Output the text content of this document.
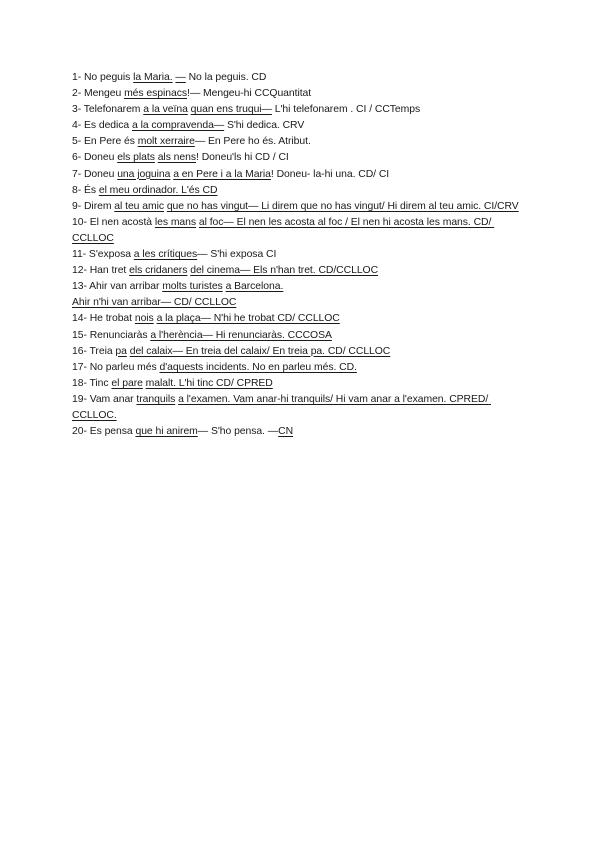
1- No peguis la Maria. — No la peguis. CD
2- Mengeu més espinacs!— Mengeu-hi CCQuantitat
3- Telefonarem a la veïna quan ens truqui— L'hi telefonarem . CI / CCTemps
4- Es dedica a la compravenda— S'hi dedica. CRV
5- En Pere és molt xerraire— En Pere ho és. Atribut.
6- Doneu els plats als nens! Doneu'ls hi CD / CI
7- Doneu una joguina a en Pere i a la Maria! Doneu- la-hi una. CD/ CI
8- És el meu ordinador. L'és CD
9- Direm al teu amic que no has vingut— Li direm que no has vingut/ Hi direm al teu amic. CI/CRV
10- El nen acostà les mans al foc— El nen les acosta al foc / El nen hi acosta les mans. CD/ CCLLOC
11- S'exposa a les crítiques— S'hi exposa CI
12- Han tret els cridaners del cinema— Els n'han tret. CD/CCLLOC
13- Ahir van arribar molts turistes a Barcelona.
Ahir n'hi van arribar— CD/ CCLLOC
14- He trobat nois a la plaça— N'hi he trobat CD/ CCLLOC
15- Renunciaràs a l'herència— Hi renunciaràs. CCCOSA
16- Treia pa del calaix— En treia del calaix/ En treia pa. CD/ CCLLOC
17- No parleu més d'aquests incidents. No en parleu més. CD.
18- Tinc el pare malalt. L'hi tinc CD/ CPRED
19- Vam anar tranquils a l'examen. Vam anar-hi tranquils/ Hi vam anar a l'examen. CPRED/ CCLLOC.
20- Es pensa que hi anirem— S'ho pensa. —CN
